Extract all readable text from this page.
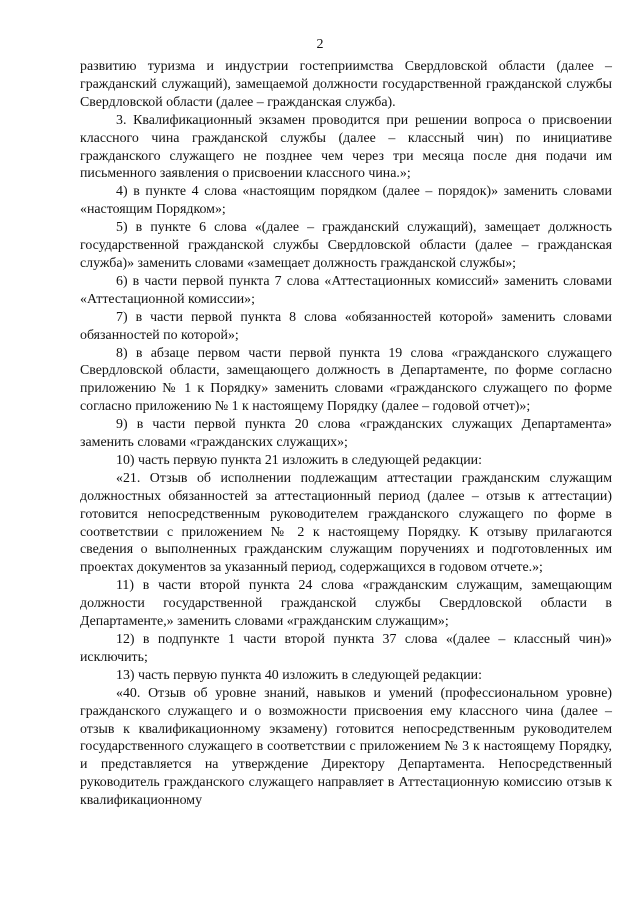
2

развитию туризма и индустрии гостеприимства Свердловской области (далее – гражданский служащий), замещаемой должности государственной гражданской службы Свердловской области (далее – гражданская служба).

3. Квалификационный экзамен проводится при решении вопроса о присвоении классного чина гражданской службы (далее – классный чин) по инициативе гражданского служащего не позднее чем через три месяца после дня подачи им письменного заявления о присвоении классного чина.»;

4) в пункте 4 слова «настоящим порядком (далее – порядок)» заменить словами «настоящим Порядком»;

5) в пункте 6 слова «(далее – гражданский служащий), замещает должность государственной гражданской службы Свердловской области (далее – гражданская служба)» заменить словами «замещает должность гражданской службы»;

6) в части первой пункта 7 слова «Аттестационных комиссий» заменить словами «Аттестационной комиссии»;

7) в части первой пункта 8 слова «обязанностей которой» заменить словами обязанностей по которой»;

8) в абзаце первом части первой пункта 19 слова «гражданского служащего Свердловской области, замещающего должность в Департаменте, по форме согласно приложению № 1 к Порядку» заменить словами «гражданского служащего по форме согласно приложению № 1 к настоящему Порядку (далее – годовой отчет)»;

9) в части первой пункта 20 слова «гражданских служащих Департамента» заменить словами «гражданских служащих»;

10) часть первую пункта 21 изложить в следующей редакции:

«21. Отзыв об исполнении подлежащим аттестации гражданским служащим должностных обязанностей за аттестационный период (далее – отзыв к аттестации) готовится непосредственным руководителем гражданского служащего по форме в соответствии с приложением № 2 к настоящему Порядку. К отзыву прилагаются сведения о выполненных гражданским служащим поручениях и подготовленных им проектах документов за указанный период, содержащихся в годовом отчете.»;

11) в части второй пункта 24 слова «гражданским служащим, замещающим должности государственной гражданской службы Свердловской области в Департаменте,» заменить словами «гражданским служащим»;

12) в подпункте 1 части второй пункта 37 слова «(далее – классный чин)» исключить;

13) часть первую пункта 40 изложить в следующей редакции:

«40. Отзыв об уровне знаний, навыков и умений (профессиональном уровне) гражданского служащего и о возможности присвоения ему классного чина (далее – отзыв к квалификационному экзамену) готовится непосредственным руководителем государственного служащего в соответствии с приложением № 3 к настоящему Порядку, и представляется на утверждение Директору Департамента. Непосредственный руководитель гражданского служащего направляет в Аттестационную комиссию отзыв к квалификационному
